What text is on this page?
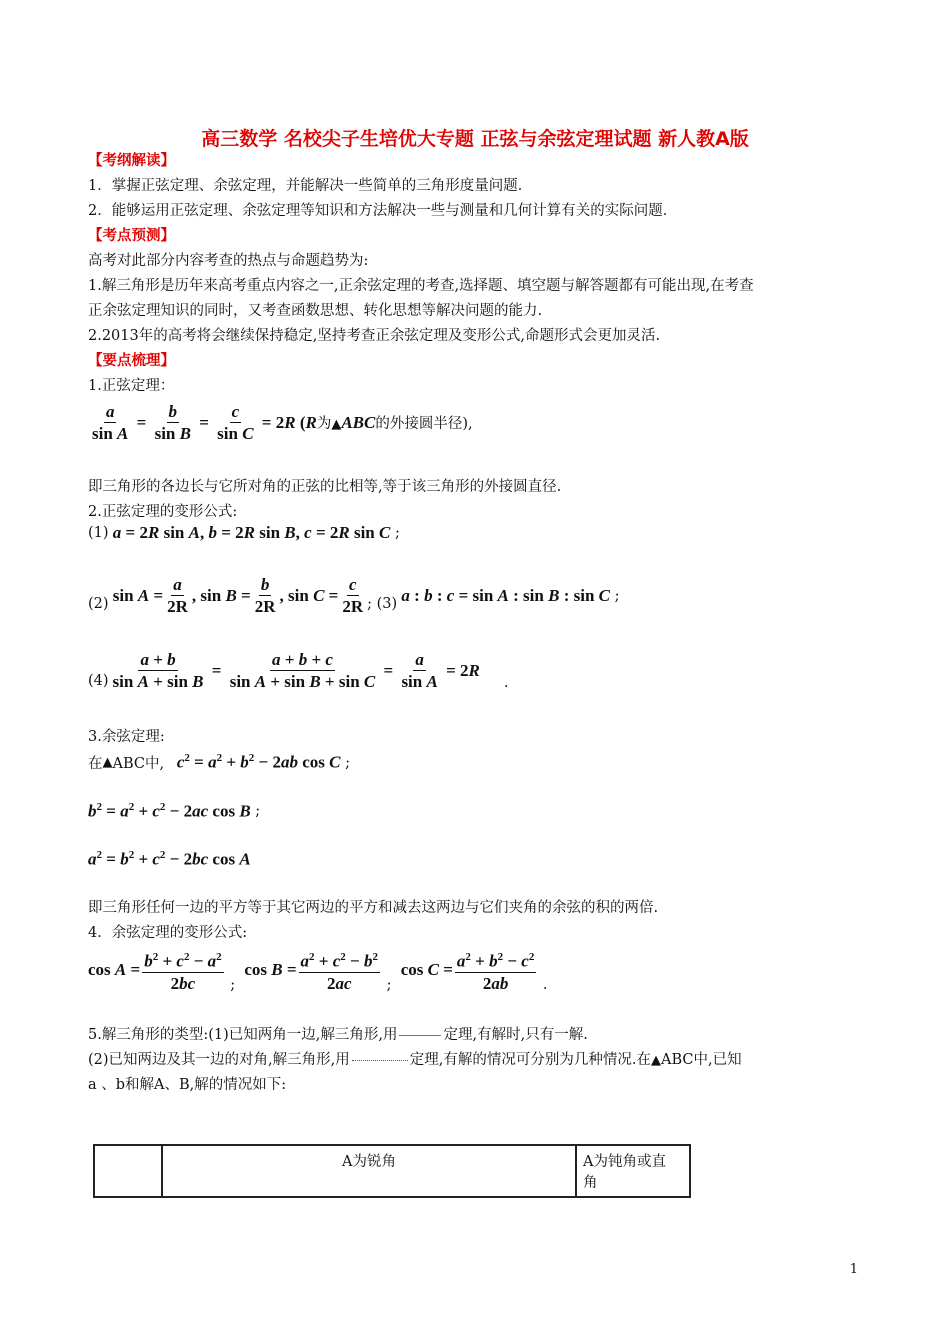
高三数学 名校尖子生培优大专题 正弦与余弦定理试题 新人教A版
【考纲解读】
1．掌握正弦定理、余弦定理，并能解决一些简单的三角形度量问题．
2．能够运用正弦定理、余弦定理等知识和方法解决一些与测量和几何计算有关的实际问题．
【考点预测】
高考对此部分内容考查的热点与命题趋势为:
1.解三角形是历年来高考重点内容之一,正余弦定理的考查,选择题、填空题与解答题都有可能出现,在考查
正余弦定理知识的同时，又考查函数思想、转化思想等解决问题的能力.
2.2013年的高考将会继续保持稳定,坚持考查正余弦定理及变形公式,命题形式会更加灵活.
【要点梳理】
1.正弦定理：
$\frac{a}{\text{sin A}} = \frac{b}{\text{sin B}} = \frac{c}{\text{sin C}} = 2R$ (R 为 ▲ABC 的外接圆半径),
即三角形的各边长与它所对角的正弦的比相等,等于该三角形的外接圆直径.
2.正弦定理的变形公式:
(1) a = 2R sin A, b = 2R sin B, c = 2R sin C ;
(2) $\sin A = \frac{a}{2R}$ , $\sin B = \frac{b}{2R}$ , $\sin C = \frac{c}{2R}$ ; (3) a : b : c = sin A : sin B : sin C ;
$(4) \frac{a + b}{\text{sin A + sin B}} = \frac{a + b + c}{\text{sin A + sin B + sin C}} = \frac{a}{\text{sin A}} = 2R$
.
3.余弦定理:
在 ▲ ABC中, $c^2 = a^2 + b^2 - 2ab$ cos C ;
$b^2 = a^2 + c^2 - 2ac$ cos B ;
$a^2 = b^2 + c^2 - 2bc$ cos A
即三角形任何一边的平方等于其它两边的平方和减去这两边与它们夹角的余弦的积的两倍.
4．余弦定理的变形公式:
$\cos A = \frac{b^2 + c^2 - a^2}{2bc}$ ;
$\cos B = \frac{a^2 + c^2 - b^2}{2ac}$ ;
$\cos C = \frac{a^2 + b^2 - c^2}{2ab}$ .
5.解三角形的类型:(1)已知两角一边,解三角形,用	定理,有解时,只有一解.
(2)已知两边及其一边的对角,解三角形,用	定理,有解的情况可分别为几种情况.在▲ABC中,已知
a 、b和解A、B,解的情况如下:
	A为锐角	A为钝角或直
角
1
